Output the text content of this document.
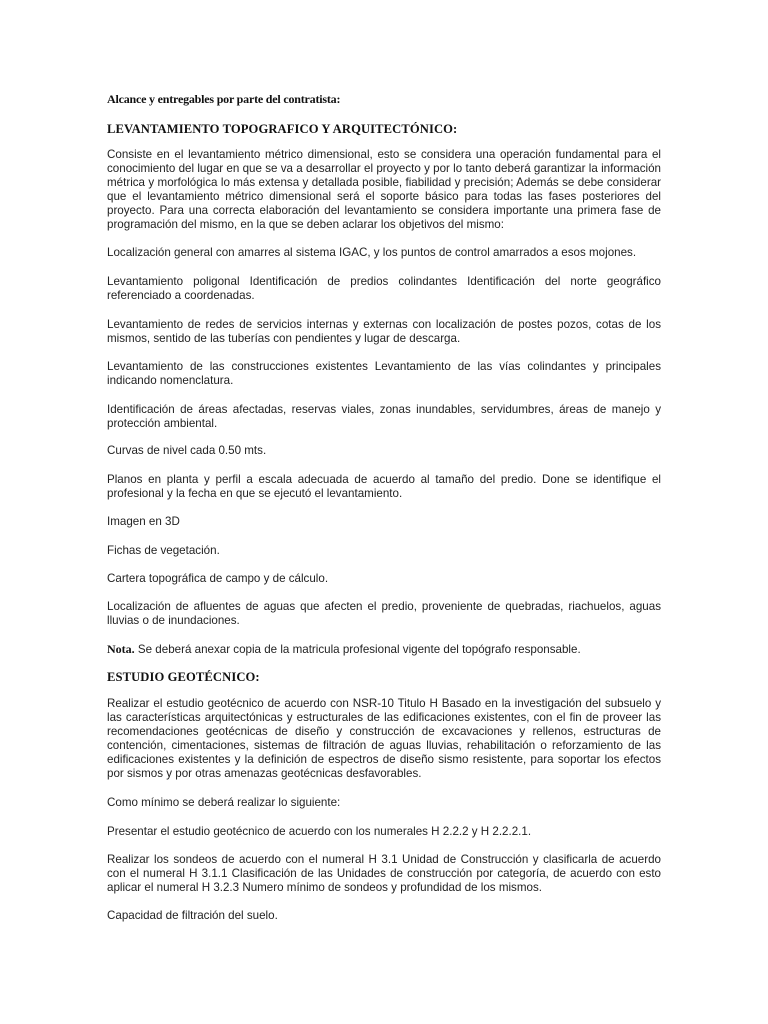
Alcance y entregables por parte del contratista:
LEVANTAMIENTO TOPOGRAFICO Y ARQUITECTÓNICO:

Consiste en el levantamiento métrico dimensional, esto se considera una operación fundamental para el conocimiento del lugar en que se va a desarrollar el proyecto y por lo tanto deberá garantizar la información métrica y morfológica lo más extensa y detallada posible, fiabilidad y precisión; Además se debe considerar que el levantamiento métrico dimensional será el soporte básico para todas las fases posteriores del proyecto. Para una correcta elaboración del levantamiento se considera importante una primera fase de programación del mismo, en la que se deben aclarar los objetivos del mismo:

Localización general con amarres al sistema IGAC, y los puntos de control amarrados a esos mojones.

Levantamiento poligonal Identificación de predios colindantes Identificación del norte geográfico referenciado a coordenadas.

Levantamiento de redes de servicios internas y externas con localización de postes pozos, cotas de los mismos, sentido de las tuberías con pendientes y lugar de descarga.

Levantamiento de las construcciones existentes Levantamiento de las vías colindantes y principales indicando nomenclatura.

Identificación de áreas afectadas, reservas viales, zonas inundables, servidumbres, áreas de manejo y protección ambiental.

Curvas de nivel cada 0.50 mts.

Planos en planta y perfil a escala adecuada de acuerdo al tamaño del predio. Done se identifique el profesional y la fecha en que se ejecutó el levantamiento.

Imagen en 3D

Fichas de vegetación.

Cartera topográfica de campo y de cálculo.

Localización de afluentes de aguas que afecten el predio, proveniente de quebradas, riachuelos, aguas lluvias o de inundaciones.

Nota. Se deberá anexar copia de la matricula profesional vigente del topógrafo responsable.

ESTUDIO GEOTÉCNICO:

Realizar el estudio geotécnico de acuerdo con NSR-10 Titulo H Basado en la investigación del subsuelo y las características arquitectónicas y estructurales de las edificaciones existentes, con el fin de proveer las recomendaciones geotécnicas de diseño y construcción de excavaciones y rellenos, estructuras de contención, cimentaciones, sistemas de filtración de aguas lluvias, rehabilitación o reforzamiento de las edificaciones existentes y la definición de espectros de diseño sismo resistente, para soportar los efectos por sismos y por otras amenazas geotécnicas desfavorables.

Como mínimo se deberá realizar lo siguiente:

Presentar el estudio geotécnico de acuerdo con los numerales H 2.2.2 y H 2.2.2.1.

Realizar los sondeos de acuerdo con el numeral H 3.1 Unidad de Construcción y clasificarla de acuerdo con el numeral H 3.1.1 Clasificación de las Unidades de construcción por categoría, de acuerdo con esto aplicar el numeral H 3.2.3 Numero mínimo de sondeos y profundidad de los mismos.

Capacidad de filtración del suelo.
